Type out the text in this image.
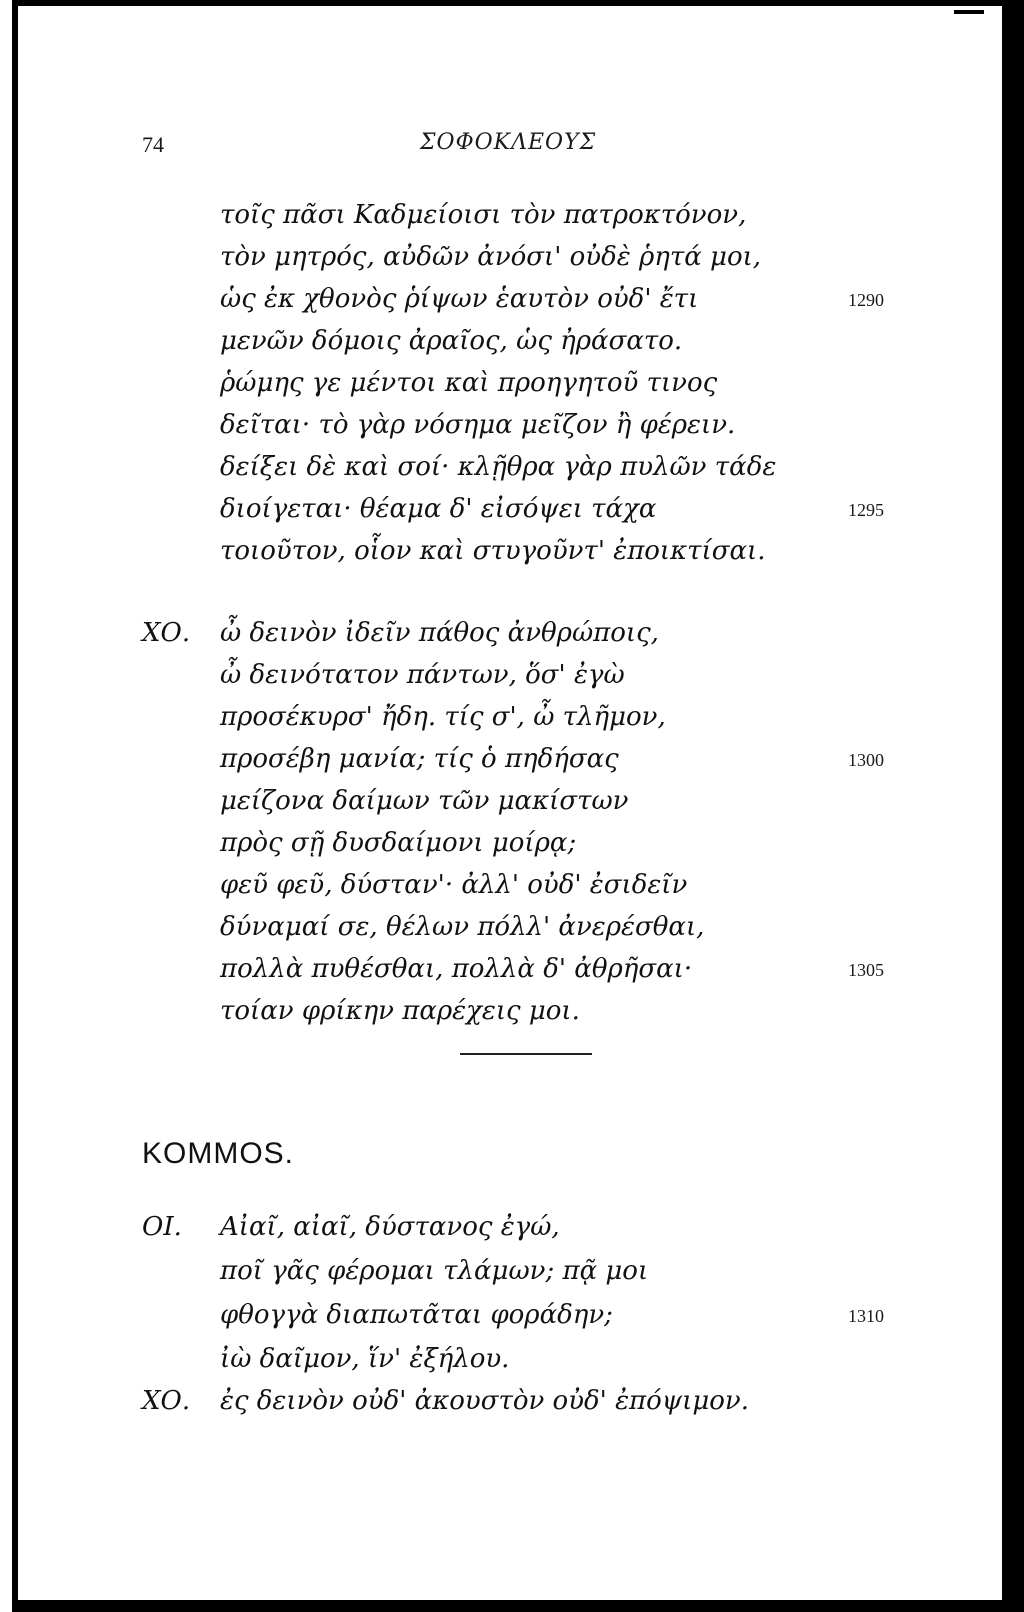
74	ΣΟΦΟΚΛΕΟΥΣ
τοῖς πᾶσι Καδμείοισι τὸν πατροκτόνον,
τὸν μητρός, αὐδῶν ἀνόσι' οὐδὲ ῥητά μοι,
ὡς ἐκ χθονὸς ῥίψων ἑαυτὸν οὐδ' ἔτι	1290
μενῶν δόμοις ἀραῖος, ὡς ἠράσατο.
ῥώμης γε μέντοι καὶ προηγητοῦ τινος
δεῖται· τὸ γὰρ νόσημα μεῖζον ἢ φέρειν.
δείξει δὲ καὶ σοί· κλῇθρα γὰρ πυλῶν τάδε
διοίγεται· θέαμα δ' εἰσόψει τάχα	1295
τοιοῦτον, οἷον καὶ στυγοῦντ' ἐποικτίσαι.
ΧΟ. ὦ δεινὸν ἰδεῖν πάθος ἀνθρώποις,
ὦ δεινότατον πάντων, ὅσ' ἐγὼ
προσέκυρσ' ἤδη. τίς σ', ὦ τλῆμον,
προσέβη μανία; τίς ὁ πηδήσας	1300
μείζονα δαίμων τῶν μακίστων
πρὸς σῇ δυσδαίμονι μοίρᾳ;
φεῦ φεῦ, δύσταν'· ἀλλ' οὐδ' ἐσιδεῖν
δύναμαί σε, θέλων πόλλ' ἀνερέσθαι,
πολλὰ πυθέσθαι, πολλὰ δ' ἀθρῆσαι·	1305
τοίαν φρίκην παρέχεις μοι.
KOMMOS.
ΟΙ. Αἰαῖ, αἰαῖ, δύστανος ἐγώ,
ποῖ γᾶς φέρομαι τλάμων; πᾷ μοι
φθογγὰ διαπωτᾶται φοράδην;	1310
ἰὼ δαῖμον, ἵν' ἐξήλου.
ΧΟ. ἐς δεινὸν οὐδ' ἀκουστὸν οὐδ' ἐπόψιμον.
